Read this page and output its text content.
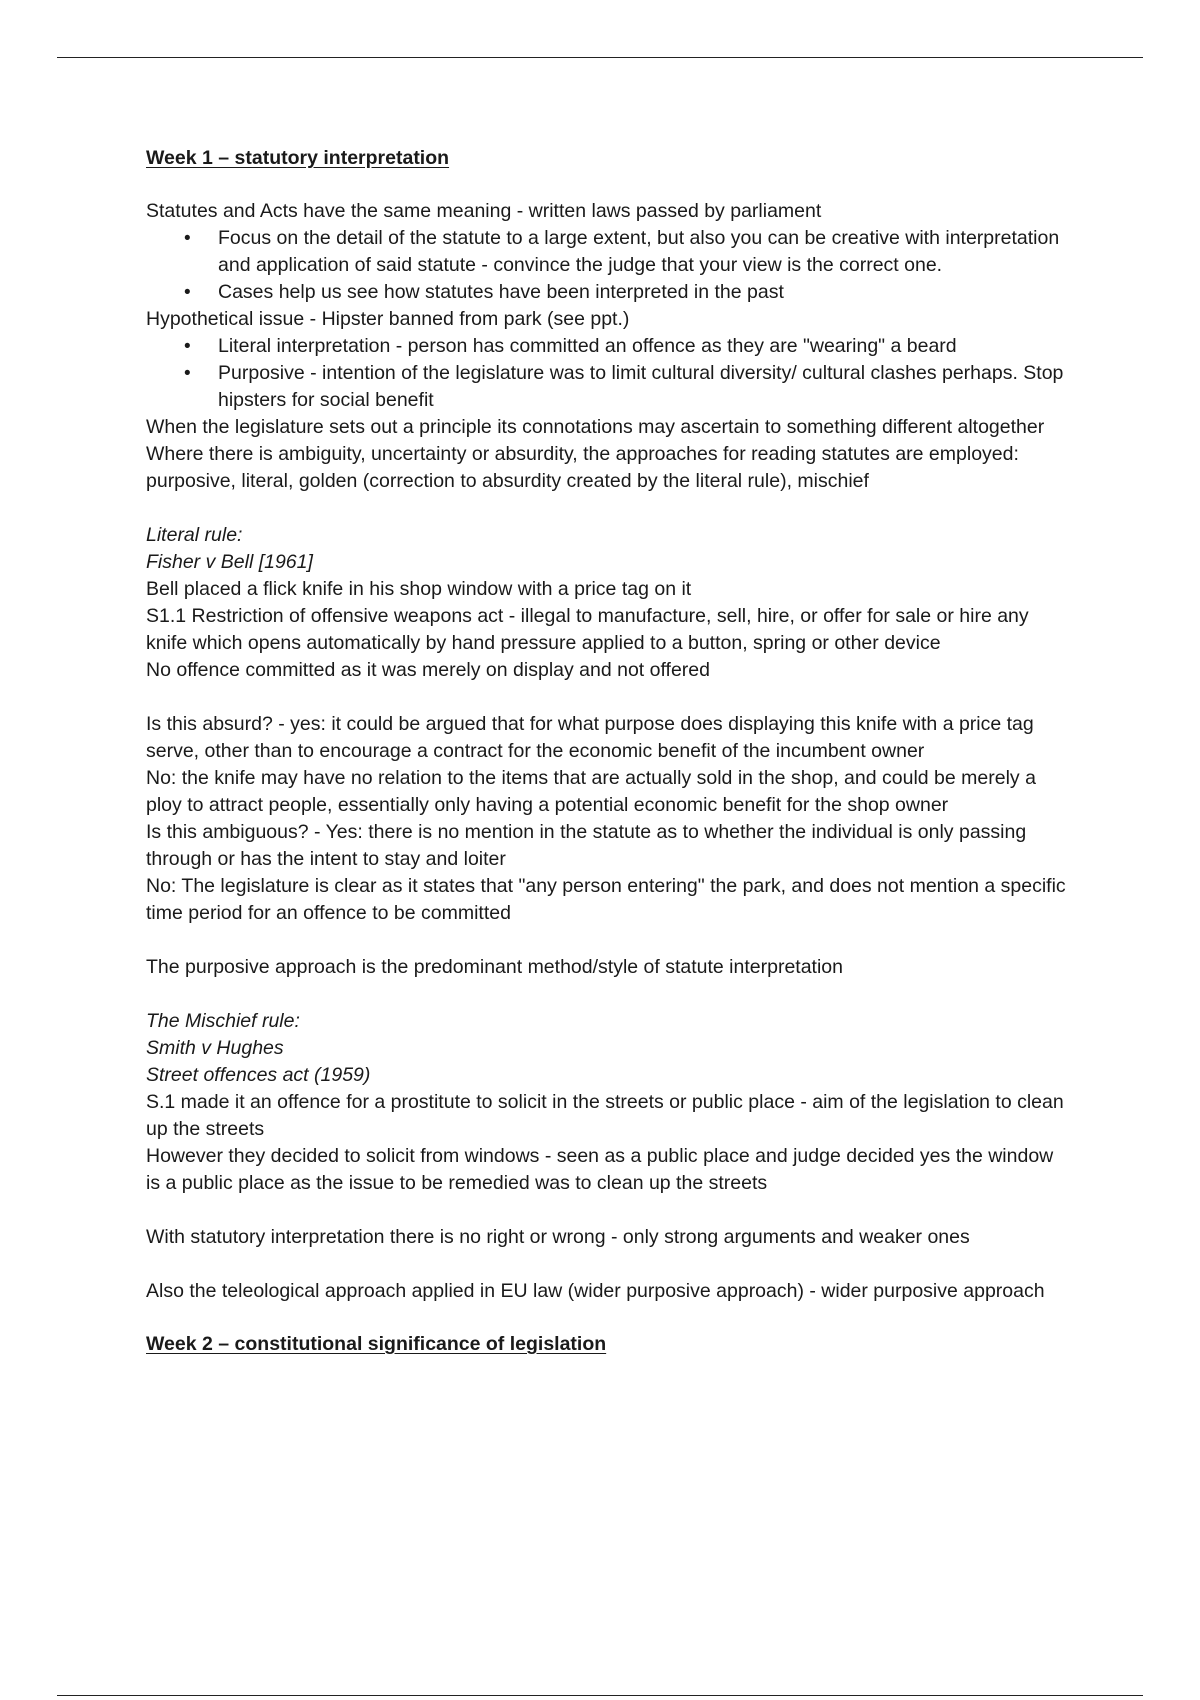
Week 1 – statutory interpretation

Statutes and Acts have the same meaning - written laws passed by parliament

• Focus on the detail of the statute to a large extent, but also you can be creative with interpretation and application of said statute - convince the judge that your view is the correct one.
• Cases help us see how statutes have been interpreted in the past

Hypothetical issue - Hipster banned from park (see ppt.)

• Literal interpretation - person has committed an offence as they are "wearing" a beard
• Purposive - intention of the legislature was to limit cultural diversity/ cultural clashes perhaps. Stop hipsters for social benefit

When the legislature sets out a principle its connotations may ascertain to something different altogether

Where there is ambiguity, uncertainty or absurdity, the approaches for reading statutes are employed: purposive, literal, golden (correction to absurdity created by the literal rule), mischief

Literal rule:

Fisher v Bell [1961]

Bell placed a flick knife in his shop window with a price tag on it

S1.1 Restriction of offensive weapons act - illegal to manufacture, sell, hire, or offer for sale or hire any knife which opens automatically by hand pressure applied to a button, spring or other device

No offence committed as it was merely on display and not offered

Is this absurd? - yes: it could be argued that for what purpose does displaying this knife with a price tag serve, other than to encourage a contract for the economic benefit of the incumbent owner

No: the knife may have no relation to the items that are actually sold in the shop, and could be merely a ploy to attract people, essentially only having a potential economic benefit for the shop owner

Is this ambiguous? - Yes: there is no mention in the statute as to whether the individual is only passing through or has the intent to stay and loiter

No: The legislature is clear as it states that "any person entering" the park, and does not mention a specific time period for an offence to be committed

The purposive approach is the predominant method/style of statute interpretation

The Mischief rule:

Smith v Hughes

Street offences act (1959)

S.1 made it an offence for a prostitute to solicit in the streets or public place - aim of the legislation to clean up the streets

However they decided to solicit from windows - seen as a public place and judge decided yes the window is a public place as the issue to be remedied was to clean up the streets

With statutory interpretation there is no right or wrong - only strong arguments and weaker ones

Also the teleological approach applied in EU law (wider purposive approach) - wider purposive approach

Week 2 – constitutional significance of legislation
